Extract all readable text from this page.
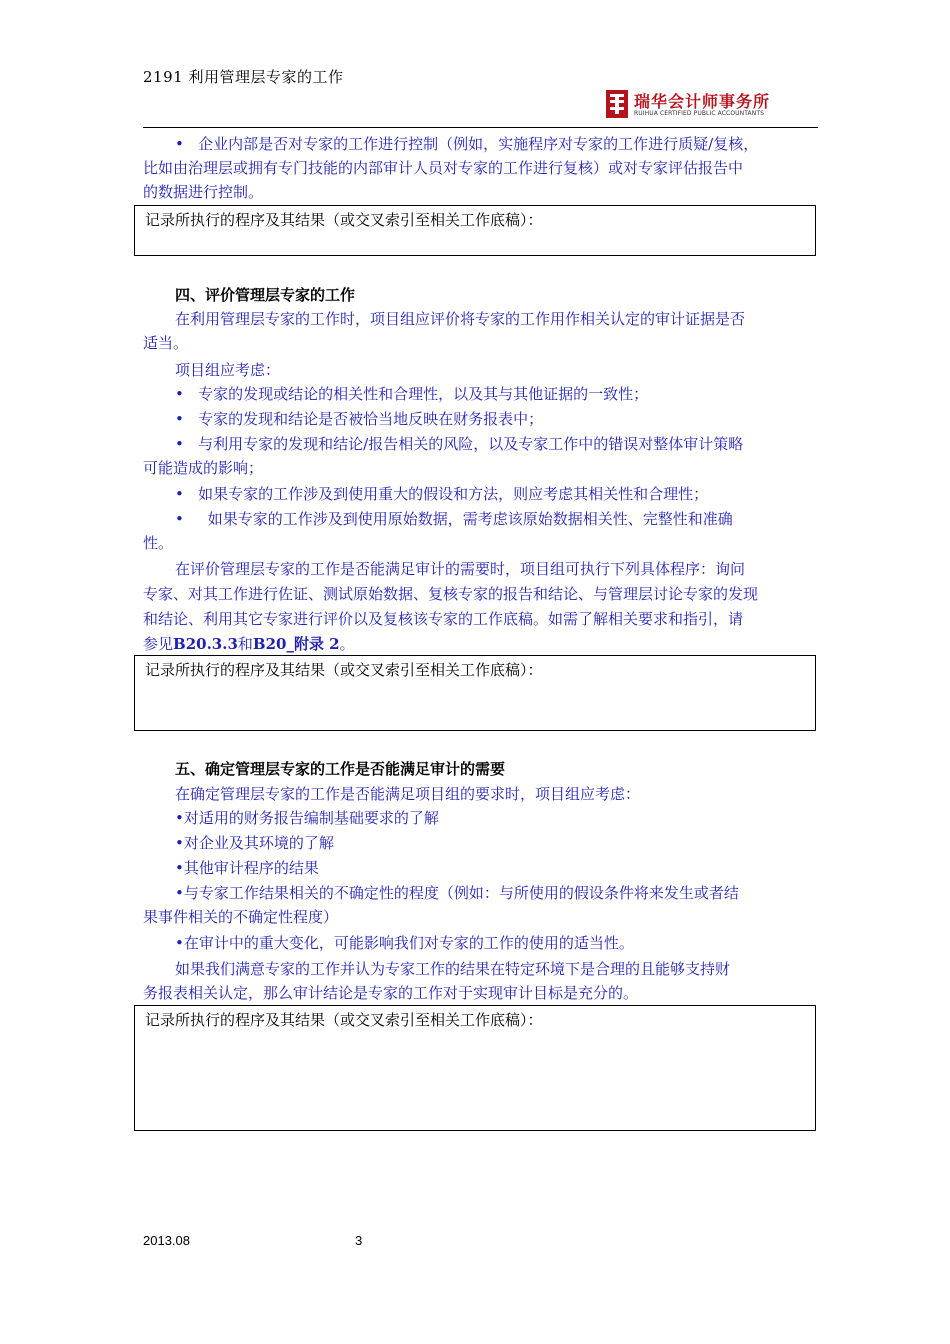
2191 利用管理层专家的工作
瑞华会计师事务所
RUIHUA CERTIFIED PUBLIC ACCOUNTANTS
• 企业内部是否对专家的工作进行控制（例如，实施程序对专家的工作进行质疑/复核，
比如由治理层或拥有专门技能的内部审计人员对专家的工作进行复核）或对专家评估报告中
的数据进行控制。
记录所执行的程序及其结果（或交叉索引至相关工作底稿）：
四、评价管理层专家的工作
在利用管理层专家的工作时，项目组应评价将专家的工作用作相关认定的审计证据是否
适当。
项目组应考虑：
• 专家的发现或结论的相关性和合理性，以及其与其他证据的一致性；
• 专家的发现和结论是否被恰当地反映在财务报表中；
• 与利用专家的发现和结论/报告相关的风险，以及专家工作中的错误对整体审计策略
可能造成的影响；
• 如果专家的工作涉及到使用重大的假设和方法，则应考虑其相关性和合理性；
• 如果专家的工作涉及到使用原始数据，需考虑该原始数据相关性、完整性和准确
性。
在评价管理层专家的工作是否能满足审计的需要时，项目组可执行下列具体程序：询问
专家、对其工作进行佐证、测试原始数据、复核专家的报告和结论、与管理层讨论专家的发现
和结论、利用其它专家进行评价以及复核该专家的工作底稿。如需了解相关要求和指引，请
参见B20.3.3和B20_附录 2。
记录所执行的程序及其结果（或交叉索引至相关工作底稿）：
五、确定管理层专家的工作是否能满足审计的需要
在确定管理层专家的工作是否能满足项目组的要求时，项目组应考虑：
•对适用的财务报告编制基础要求的了解
•对企业及其环境的了解
•其他审计程序的结果
•与专家工作结果相关的不确定性的程度（例如：与所使用的假设条件将来发生或者结
果事件相关的不确定性程度）
•在审计中的重大变化，可能影响我们对专家的工作的使用的适当性。
如果我们满意专家的工作并认为专家工作的结果在特定环境下是合理的且能够支持财
务报表相关认定，那么审计结论是专家的工作对于实现审计目标是充分的。
记录所执行的程序及其结果（或交叉索引至相关工作底稿）：
2013.08	3
